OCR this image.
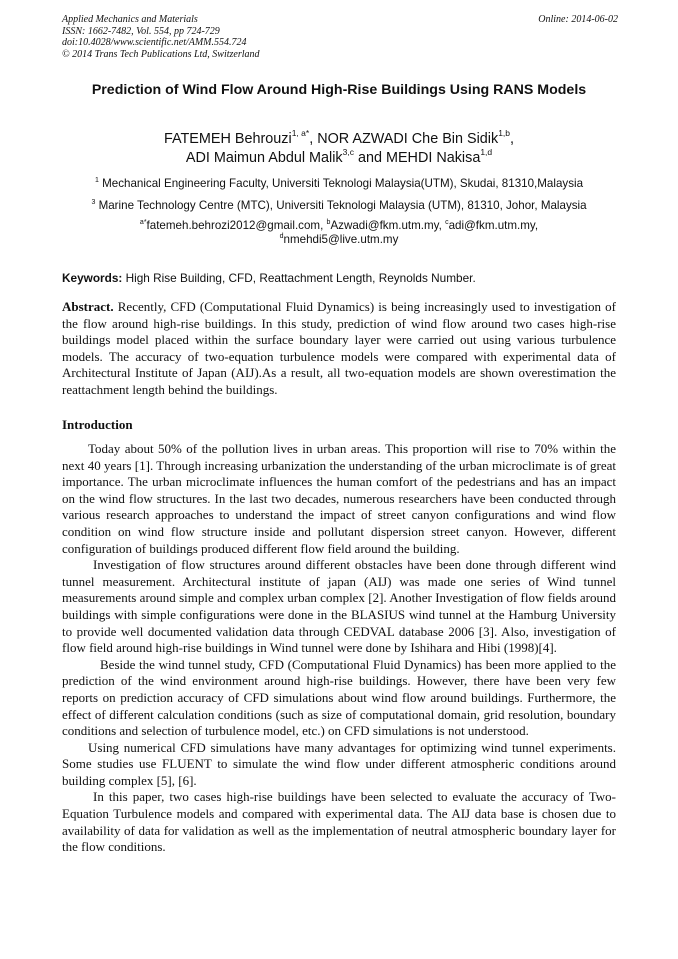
Applied Mechanics and Materials
ISSN: 1662-7482, Vol. 554, pp 724-729
doi:10.4028/www.scientific.net/AMM.554.724
© 2014 Trans Tech Publications Ltd, Switzerland
Online: 2014-06-02
Prediction of Wind Flow Around High-Rise Buildings Using RANS Models
FATEMEH Behrouzi$^{1, a*}$, NOR AZWADI Che Bin Sidik$^{1,b}$,
ADI Maimun Abdul Malik$^{3,c}$ and MEHDI Nakisa$^{1,d}$
$^1$ Mechanical Engineering Faculty, Universiti Teknologi Malaysia(UTM), Skudai, 81310,Malaysia
$^3$ Marine Technology Centre (MTC), Universiti Teknologi Malaysia (UTM), 81310, Johor, Malaysia
$^{a*}$fatemeh.behrozi2012@gmail.com, $^b$Azwadi@fkm.utm.my, $^c$adi@fkm.utm.my,
$^d$nmehdi5@live.utm.my
Keywords: High Rise Building, CFD, Reattachment Length, Reynolds Number.
Abstract. Recently, CFD (Computational Fluid Dynamics) is being increasingly used to investigation of the flow around high-rise buildings. In this study, prediction of wind flow around two cases high-rise buildings model placed within the surface boundary layer were carried out using various turbulence models. The accuracy of two-equation turbulence models were compared with experimental data of Architectural Institute of Japan (AIJ).As a result, all two-equation models are shown overestimation the reattachment length behind the buildings.
Introduction

Today about 50% of the pollution lives in urban areas. This proportion will rise to 70% within the next 40 years [1]. Through increasing urbanization the understanding of the urban microclimate is of great importance. The urban microclimate influences the human comfort of the pedestrians and has an impact on the wind flow structures. In the last two decades, numerous researchers have been conducted through various research approaches to understand the impact of street canyon configurations and wind flow condition on wind flow structure inside and pollutant dispersion street canyon. However, different configuration of buildings produced different flow field around the building.

Investigation of flow structures around different obstacles have been done through different wind tunnel measurement. Architectural institute of japan (AIJ) was made one series of Wind tunnel measurements around simple and complex urban complex [2]. Another Investigation of flow fields around buildings with simple configurations were done in the BLASIUS wind tunnel at the Hamburg University to provide well documented validation data through CEDVAL database 2006 [3]. Also, investigation of flow field around high-rise buildings in Wind tunnel were done by Ishihara and Hibi (1998)[4].

Beside the wind tunnel study, CFD (Computational Fluid Dynamics) has been more applied to the prediction of the wind environment around high-rise buildings. However, there have been very few reports on prediction accuracy of CFD simulations about wind flow around buildings. Furthermore, the effect of different calculation conditions (such as size of computational domain, grid resolution, boundary conditions and selection of turbulence model, etc.) on CFD simulations is not understood.

Using numerical CFD simulations have many advantages for optimizing wind tunnel experiments. Some studies use FLUENT to simulate the wind flow under different atmospheric conditions around building complex [5], [6].

In this paper, two cases high-rise buildings have been selected to evaluate the accuracy of Two-Equation Turbulence models and compared with experimental data. The AIJ data base is chosen due to availability of data for validation as well as the implementation of neutral atmospheric boundary layer for the flow conditions.
